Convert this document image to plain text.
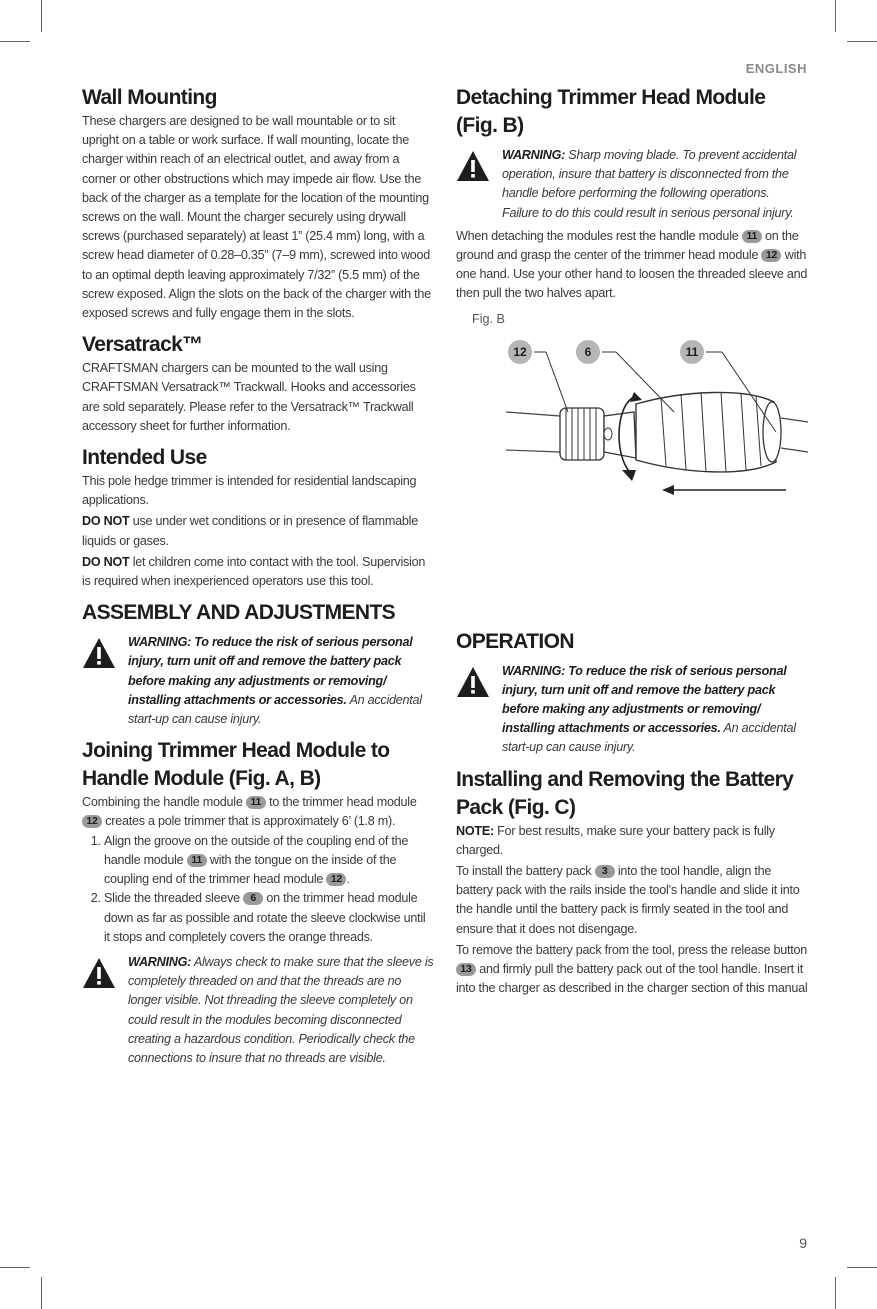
ENGLISH
9
Wall Mounting

These chargers are designed to be wall mountable or to sit upright on a table or work surface. If wall mounting, locate the charger within reach of an electrical outlet, and away from a corner or other obstructions which may impede air flow. Use the back of the charger as a template for the location of the mounting screws on the wall. Mount the charger securely using drywall screws (purchased separately) at least 1” (25.4 mm) long, with a screw head diameter of 0.28–0.35” (7–9 mm), screwed into wood to an optimal depth leaving approximately 7/32” (5.5 mm) of the screw exposed. Align the slots on the back of the charger with the exposed screws and fully engage them in the slots.

Versatrack™

CRAFTSMAN chargers can be mounted to the wall using CRAFTSMAN Versatrack™ Trackwall. Hooks and accessories are sold separately. Please refer to the Versatrack™ Trackwall accessory sheet for further information.

Intended Use

This pole hedge trimmer is intended for residential landscaping applications.

DO NOT use under wet conditions or in presence of flammable liquids or gases.

DO NOT let children come into contact with the tool. Supervision is required when inexperienced operators use this tool.

ASSEMBLY AND ADJUSTMENTS
WARNING: To reduce the risk of serious personal injury, turn unit off and remove the battery pack before making any adjustments or removing/ installing attachments or accessories. An accidental start-up can cause injury.
Joining Trimmer Head Module to Handle Module (Fig. A, B)

Combining the handle module 11 to the trimmer head module 12 creates a pole trimmer that is approximately 6’ (1.8 m).

1. Align the groove on the outside of the coupling end of the handle module 11 with the tongue on the inside of the coupling end of the trimmer head module 12 .
2. Slide the threaded sleeve 6 on the trimmer head module down as far as possible and rotate the sleeve clockwise until it stops and completely covers the orange threads.
WARNING: Always check to make sure that the sleeve is completely threaded on and that the threads are no longer visible. Not threading the sleeve completely on could result in the modules becoming disconnected creating a hazardous condition. Periodically check the connections to insure that no threads are visible.
Detaching Trimmer Head Module (Fig. B)
WARNING: Sharp moving blade. To prevent accidental operation, insure that battery is disconnected from the handle before performing the following operations. Failure to do this could result in serious personal injury.

When detaching the modules rest the handle module 11 on the ground and grasp the center of the trimmer head module 12 with one hand. Use your other hand to loosen the threaded sleeve and then pull the two halves apart.

Fig. B
12	6	11
OPERATION
WARNING: To reduce the risk of serious personal injury, turn unit off and remove the battery pack before making any adjustments or removing/ installing attachments or accessories. An accidental start-up can cause injury.
Installing and Removing the Battery Pack (Fig. C)

NOTE: For best results, make sure your battery pack is fully charged.

To install the battery pack 3 into the tool handle, align the battery pack with the rails inside the tool’s handle and slide it into the handle until the battery pack is firmly seated in the tool and ensure that it does not disengage.

To remove the battery pack from the tool, press the release button 13 and firmly pull the battery pack out of the tool handle. Insert it into the charger as described in the charger section of this manual
